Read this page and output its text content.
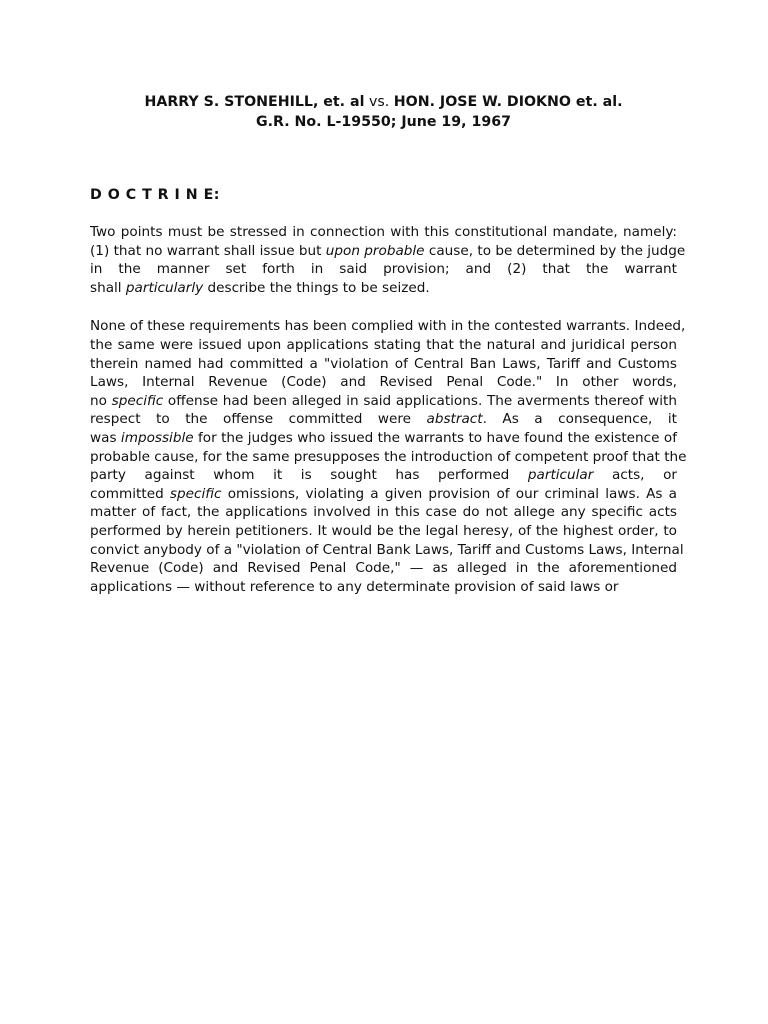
HARRY S. STONEHILL, et. al vs. HON. JOSE W. DIOKNO et. al.
G.R. No. L-19550; June 19, 1967
D O C T R I N E:
Two points must be stressed in connection with this constitutional mandate, namely:
(1) that no warrant shall issue but upon probable cause, to be determined by the judge
in the manner set forth in said provision; and (2) that the warrant
shall particularly describe the things to be seized.
None of these requirements has been complied with in the contested warrants. Indeed,
the same were issued upon applications stating that the natural and juridical person
therein named had committed a "violation of Central Ban Laws, Tariff and Customs
Laws, Internal Revenue (Code) and Revised Penal Code." In other words,
no specific offense had been alleged in said applications. The averments thereof with
respect to the offense committed were abstract. As a consequence, it
was impossible for the judges who issued the warrants to have found the existence of
probable cause, for the same presupposes the introduction of competent proof that the
party against whom it is sought has performed particular acts, or
committed specific omissions, violating a given provision of our criminal laws. As a
matter of fact, the applications involved in this case do not allege any specific acts
performed by herein petitioners. It would be the legal heresy, of the highest order, to
convict anybody of a "violation of Central Bank Laws, Tariff and Customs Laws, Internal
Revenue (Code) and Revised Penal Code," — as alleged in the aforementioned
applications — without reference to any determinate provision of said laws or
